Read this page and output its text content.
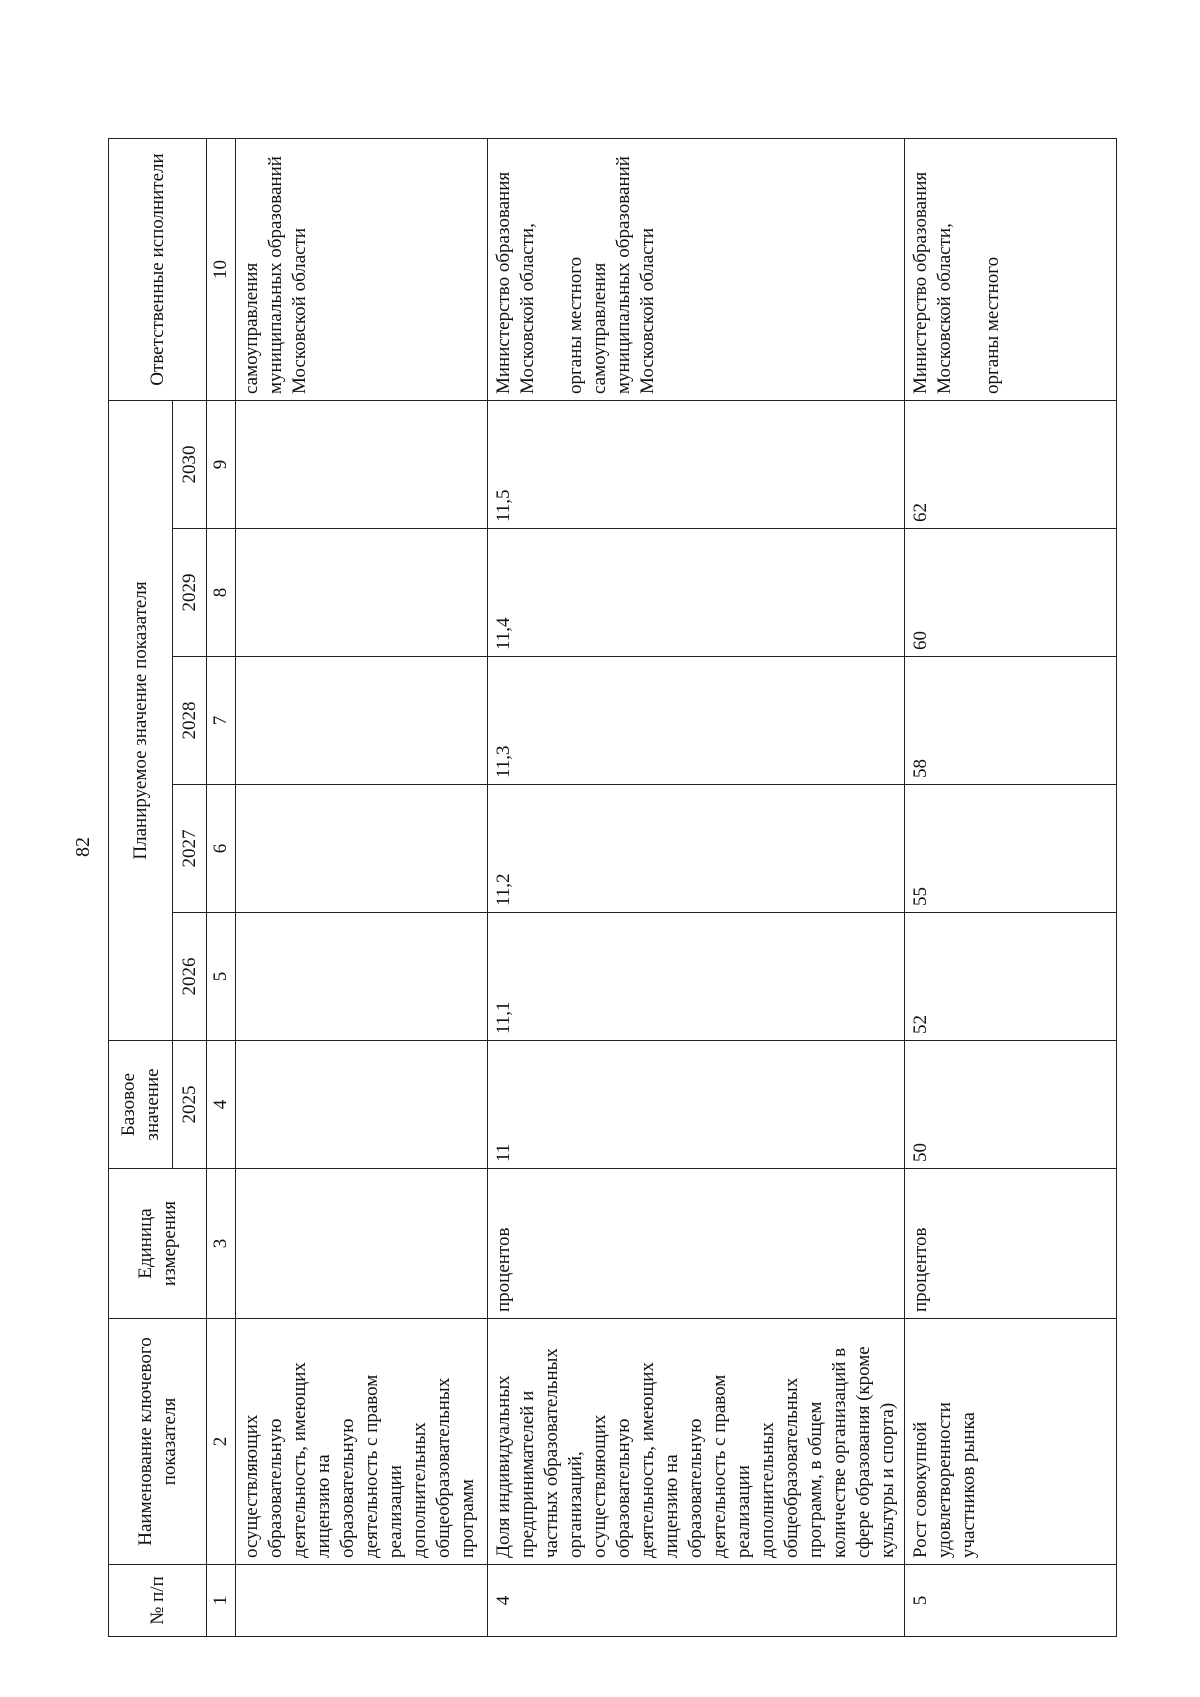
82
№ п/п	Наименование ключевого показателя	Единица измерения	Базовое значение	Планируемое значение показателя					Ответственные исполнители
			2025	2026	2027	2028	2029	2030	
1	2	3	4	5	6	7	8	9	10
	осуществляющих образовательную деятельность, имеющих лицензию на образовательную деятельность с правом реализации дополнительных общеобразовательных программ								самоуправления муниципальных образований Московской области
4	Доля индивидуальных предпринимателей и частных образовательных организаций, осуществляющих образовательную деятельность, имеющих лицензию на образовательную деятельность с правом реализации дополнительных общеобразовательных программ, в общем количестве организаций в сфере образования (кроме культуры и спорта)	процентов	11	11,1	11,2	11,3	11,4	11,5	Министерство образования Московской области, органы местного самоуправления муниципальных образований Московской области
5	Рост совокупной удовлетворенности участников рынка	процентов	50	52	55	58	60	62	Министерство образования Московской области, органы местного
